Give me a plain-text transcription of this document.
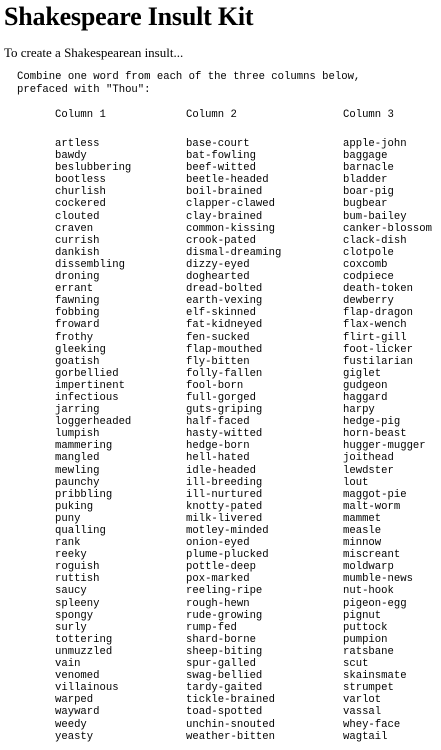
Shakespeare Insult Kit

To create a Shakespearean insult...

Combine one word from each of the three columns below,
prefaced with "Thou":
Column 1
artless
bawdy
beslubbering
bootless
churlish
cockered
clouted
craven
currish
dankish
dissembling
droning
errant
fawning
fobbing
froward
frothy
gleeking
goatish
gorbellied
impertinent
infectious
jarring
loggerheaded
lumpish
mammering
mangled
mewling
paunchy
pribbling
puking
puny
qualling
rank
reeky
roguish
ruttish
saucy
spleeny
spongy
surly
tottering
unmuzzled
vain
venomed
villainous
warped
wayward
weedy
yeasty
Column 2
base-court
bat-fowling
beef-witted
beetle-headed
boil-brained
clapper-clawed
clay-brained
common-kissing
crook-pated
dismal-dreaming
dizzy-eyed
doghearted
dread-bolted
earth-vexing
elf-skinned
fat-kidneyed
fen-sucked
flap-mouthed
fly-bitten
folly-fallen
fool-born
full-gorged
guts-griping
half-faced
hasty-witted
hedge-born
hell-hated
idle-headed
ill-breeding
ill-nurtured
knotty-pated
milk-livered
motley-minded
onion-eyed
plume-plucked
pottle-deep
pox-marked
reeling-ripe
rough-hewn
rude-growing
rump-fed
shard-borne
sheep-biting
spur-galled
swag-bellied
tardy-gaited
tickle-brained
toad-spotted
unchin-snouted
weather-bitten
Column 3
apple-john
baggage
barnacle
bladder
boar-pig
bugbear
bum-bailey
canker-blossom
clack-dish
clotpole
coxcomb
codpiece
death-token
dewberry
flap-dragon
flax-wench
flirt-gill
foot-licker
fustilarian
giglet
gudgeon
haggard
harpy
hedge-pig
horn-beast
hugger-mugger
joithead
lewdster
lout
maggot-pie
malt-worm
mammet
measle
minnow
miscreant
moldwarp
mumble-news
nut-hook
pigeon-egg
pignut
puttock
pumpion
ratsbane
scut
skainsmate
strumpet
varlot
vassal
whey-face
wagtail
